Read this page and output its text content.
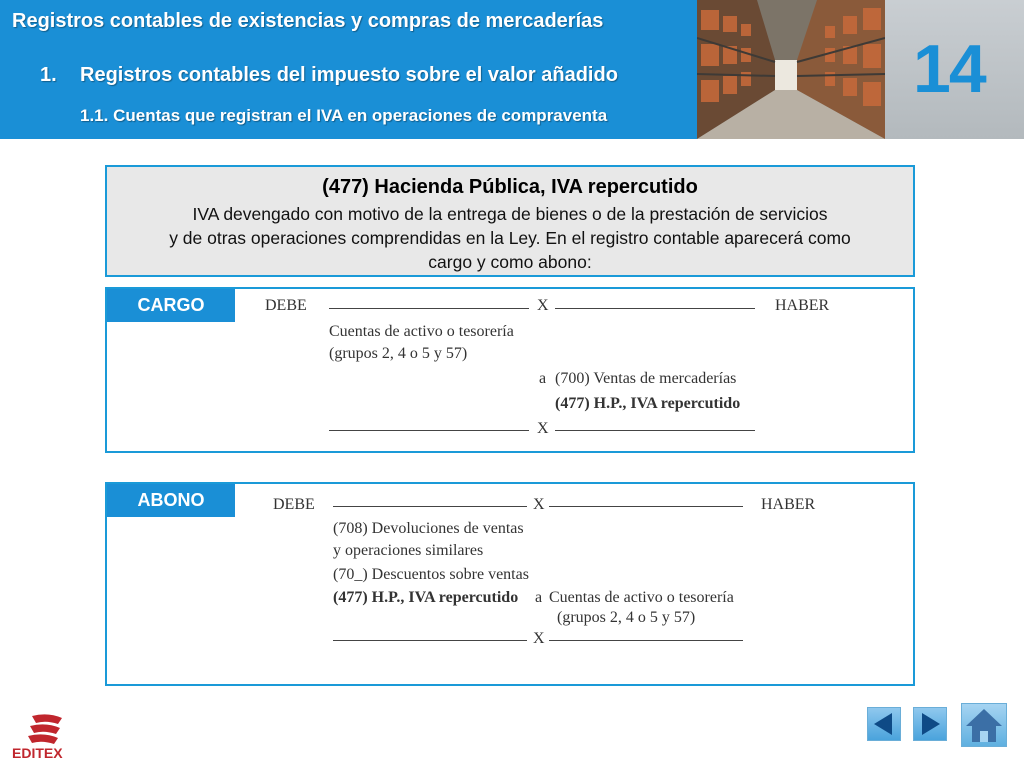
Registros contables de existencias y compras de mercaderías
1. Registros contables del impuesto sobre el valor añadido
1.1. Cuentas que registran el IVA en operaciones de compraventa
14
(477) Hacienda Pública, IVA repercutido
IVA devengado con motivo de la entrega de bienes o de la prestación de servicios
y de otras operaciones comprendidas en la Ley. En el registro contable aparecerá como
cargo y como abono:
CARGO	DEBE	X	HABER
Cuentas de activo o tesorería
(grupos 2, 4 o 5 y 57)
a (700) Ventas de mercaderías
(477) H.P., IVA repercutido
X
ABONO	DEBE	X	HABER
(708) Devoluciones de ventas
y operaciones similares
(70_) Descuentos sobre ventas
(477) H.P., IVA repercutido a Cuentas de activo o tesorería
(grupos 2, 4 o 5 y 57)
X
EDITEX
